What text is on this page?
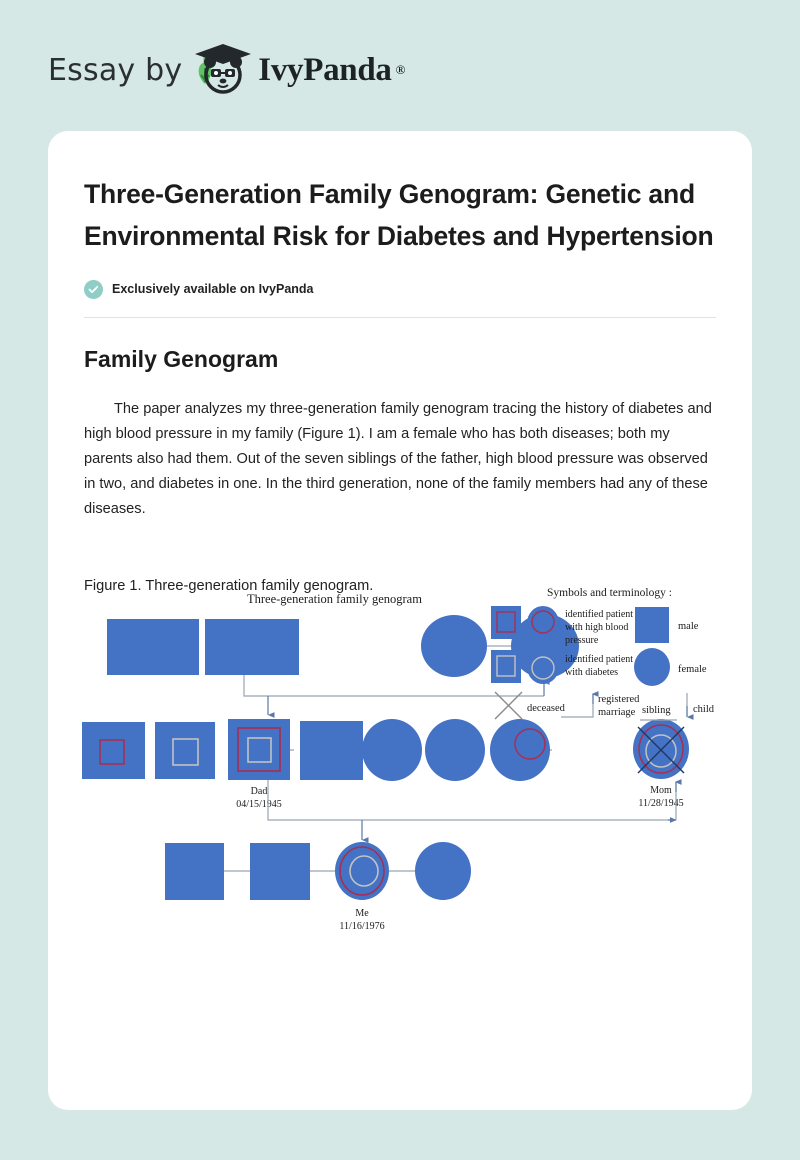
Essay by IvyPanda ®
Three-Generation Family Genogram: Genetic and Environmental Risk for Diabetes and Hypertension
Exclusively available on IvyPanda
Family Genogram

The paper analyzes my three-generation family genogram tracing the history of diabetes and high blood pressure in my family (Figure 1). I am a female who has both diseases; both my parents also had them. Out of the seven siblings of the father, high blood pressure was observed in two, and diabetes in one. In the third generation, none of the family members had any of these diseases.

Three-generation family genogram
Dad
04/15/1945
Mom
11/28/1945
Me
11/16/1976
Symbols and terminology :
identified patient
with high blood
pressure
identified patient
with diabetes
male
female
deceased
registered
marriage sibling child
Figure 1. Three-generation family genogram.
